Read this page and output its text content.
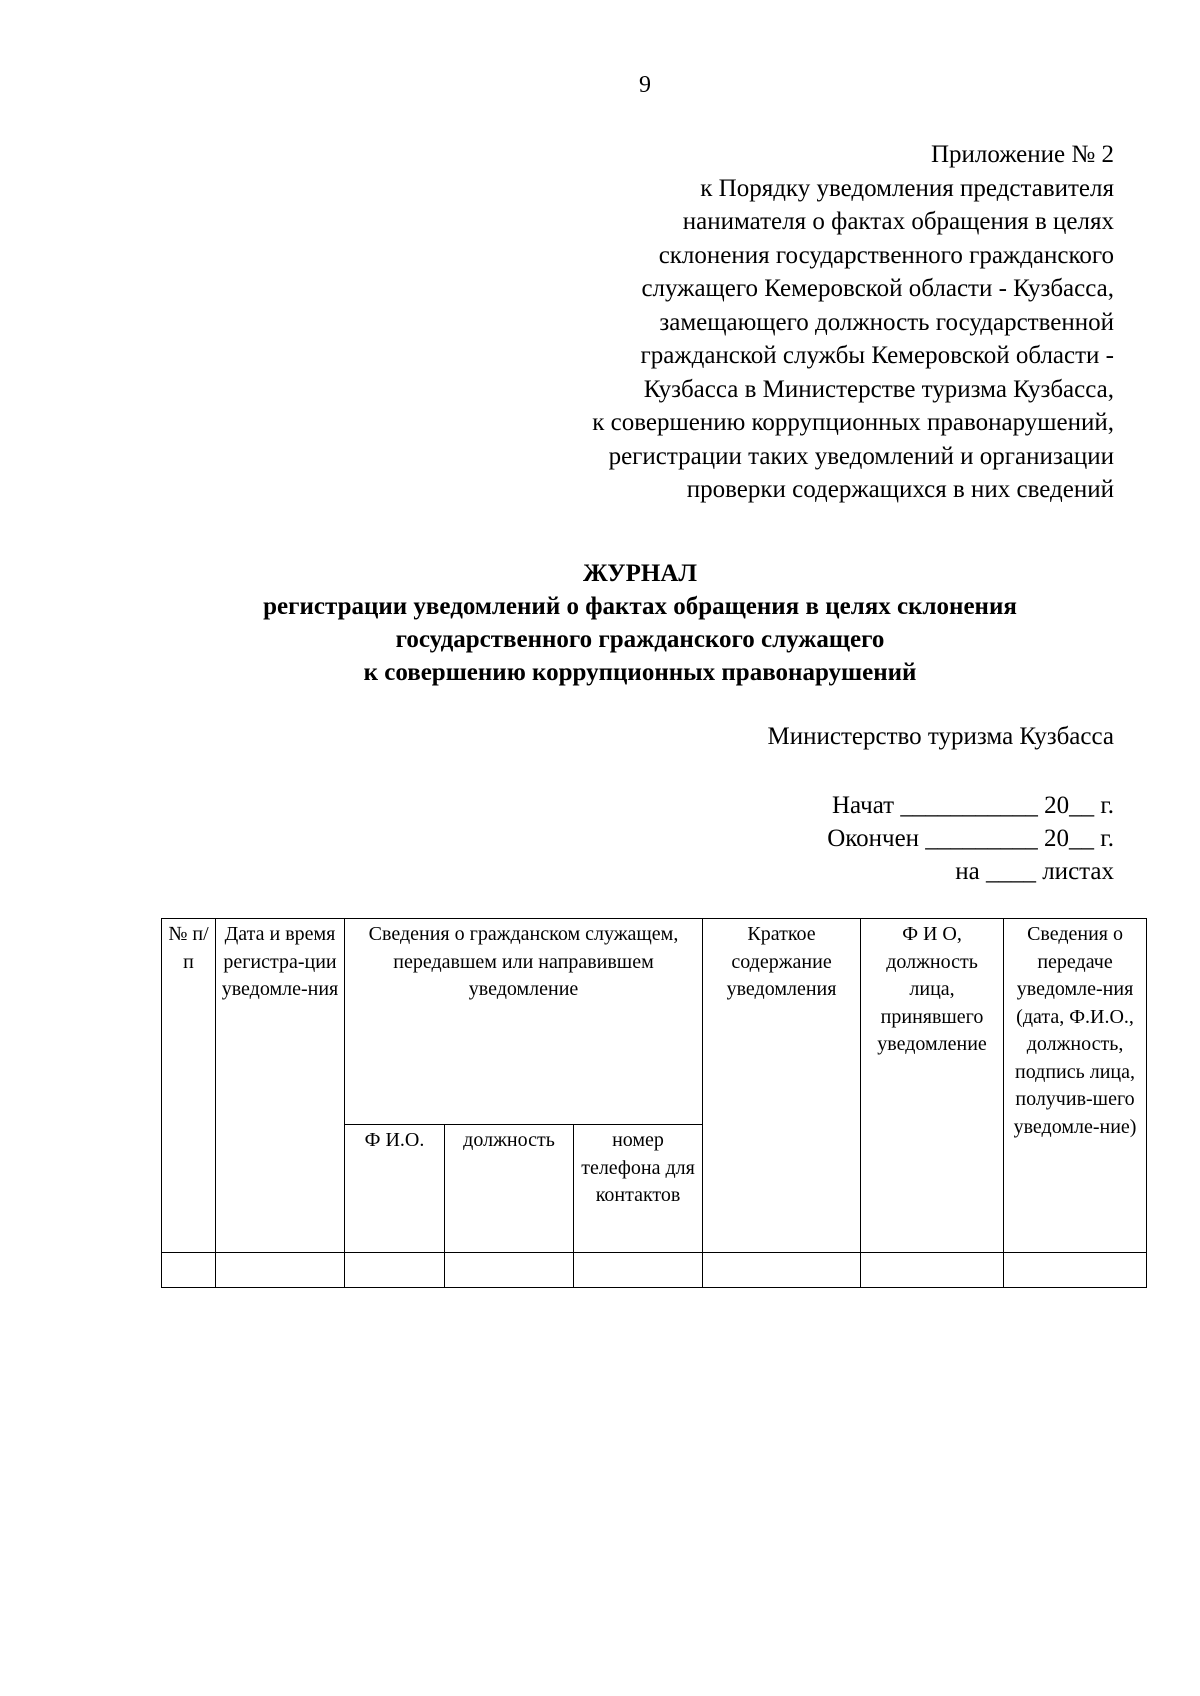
9
Приложение № 2
к Порядку уведомления представителя
нанимателя о фактах обращения в целях
склонения государственного гражданского
служащего Кемеровской области - Кузбасса,
замещающего должность государственной
гражданской службы Кемеровской области -
Кузбасса в Министерстве туризма Кузбасса,
к совершению коррупционных правонарушений,
регистрации таких уведомлений и организации
проверки содержащихся в них сведений
ЖУРНАЛ
регистрации уведомлений о фактах обращения в целях склонения
государственного гражданского служащего
к совершению коррупционных правонарушений
Министерство туризма Кузбасса
Начат ___________ 20__ г.
Окончен _________ 20__ г.
на ____ листах
№ п/п	Дата и время регистра-ции уведомле-ния	Сведения о гражданском служащем, передавшем или направившем уведомление			Краткое содержание уведомления	Ф И О, должность лица, принявшего уведомление	Сведения о передаче уведомле-ния (дата, Ф.И.О., должность, подпись лица, получив-шего уведомле-ние)
		Ф И.О.	должность	номер телефона для контактов			
